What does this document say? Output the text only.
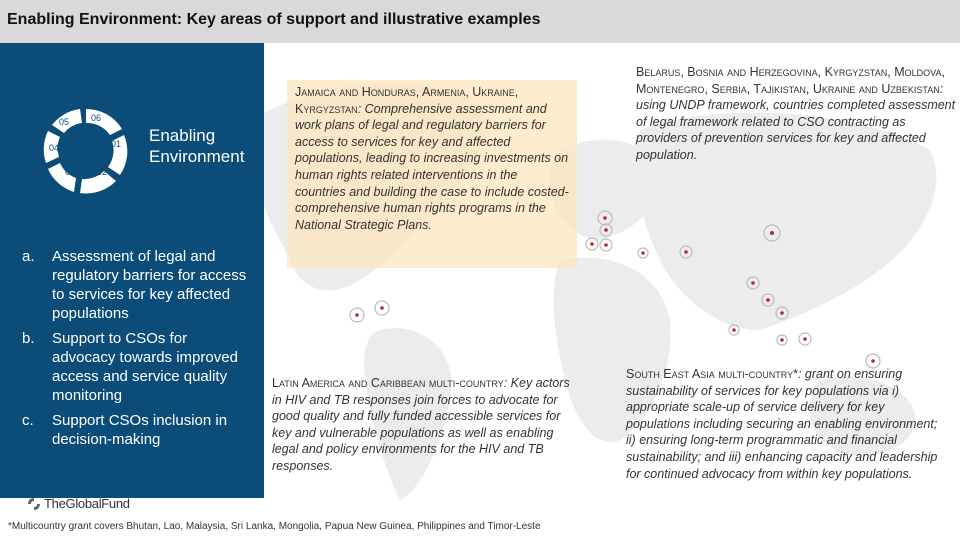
Enabling Environment: Key areas of support and illustrative examples
01
02
03
04
05 06
Enabling
Environment
a.	Assessment of legal and regulatory barriers for access to services for key affected populations
b.	Support to CSOs for advocacy towards improved access and service quality monitoring
c.	Support CSOs inclusion in decision-making
TheGlobalFund
Jamaica and Honduras, Armenia, Ukraine, Kyrgyzstan: Comprehensive assessment and work plans of legal and regulatory barriers for access to services for key and affected populations, leading to increasing investments on human rights related interventions in the countries and building the case to include costed-comprehensive human rights programs in the National Strategic Plans.
Belarus, Bosnia and Herzegovina, Kyrgyzstan, Moldova, Montenegro, Serbia, Tajikistan, Ukraine and Uzbekistan: using UNDP framework, countries completed assessment of legal framework related to CSO contracting as providers of prevention services for key and affected population.
Latin America and Caribbean multi-country: Key actors in HIV and TB responses join forces to advocate for good quality and fully funded accessible services for key and vulnerable populations as well as enabling legal and policy environments for the HIV and TB responses.
South East Asia multi-country*: grant on ensuring sustainability of services for key populations via i) appropriate scale-up of service delivery for key populations including securing an enabling environment; ii) ensuring long-term programmatic and financial sustainability; and iii) enhancing capacity and leadership for continued advocacy from within key populations.
*Multicountry grant covers Bhutan, Lao, Malaysia, Sri Lanka, Mongolia, Papua New Guinea, Philippines and Timor-Leste
